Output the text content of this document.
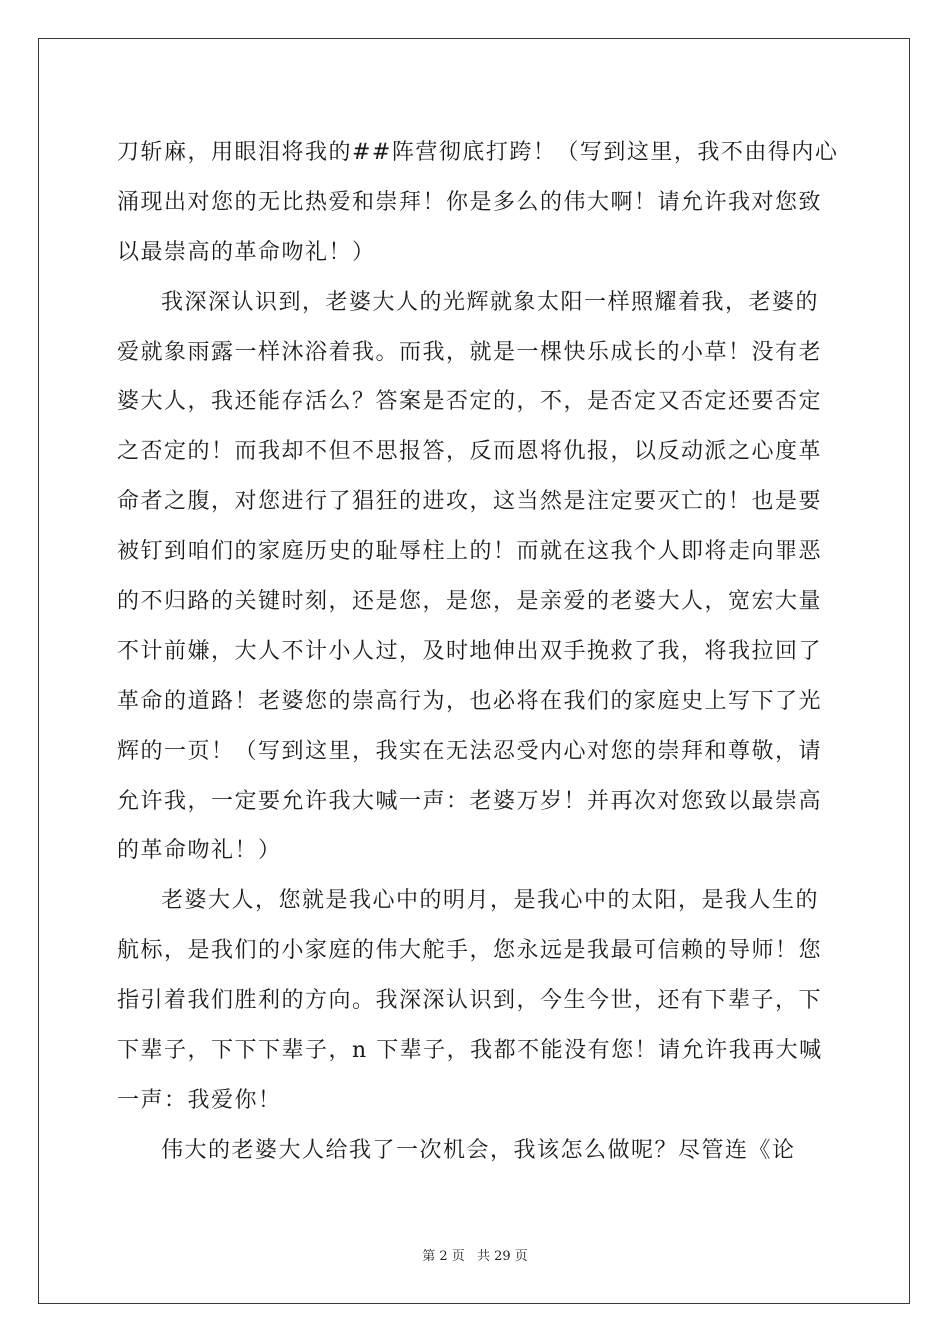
刀斩麻，用眼泪将我的##阵营彻底打跨！（写到这里，我不由得内心
涌现出对您的无比热爱和崇拜！你是多么的伟大啊！请允许我对您致
以最崇高的革命吻礼！）
我深深认识到，老婆大人的光辉就象太阳一样照耀着我，老婆的
爱就象雨露一样沐浴着我。而我，就是一棵快乐成长的小草！没有老
婆大人，我还能存活么？答案是否定的，不，是否定又否定还要否定
之否定的！而我却不但不思报答，反而恩将仇报，以反动派之心度革
命者之腹，对您进行了猖狂的进攻，这当然是注定要灭亡的！也是要
被钉到咱们的家庭历史的耻辱柱上的！而就在这我个人即将走向罪恶
的不归路的关键时刻，还是您，是您，是亲爱的老婆大人，宽宏大量
不计前嫌，大人不计小人过，及时地伸出双手挽救了我，将我拉回了
革命的道路！老婆您的崇高行为，也必将在我们的家庭史上写下了光
辉的一页！（写到这里，我实在无法忍受内心对您的崇拜和尊敬，请
允许我，一定要允许我大喊一声：老婆万岁！并再次对您致以最崇高
的革命吻礼！）
老婆大人，您就是我心中的明月，是我心中的太阳，是我人生的
航标，是我们的小家庭的伟大舵手，您永远是我最可信赖的导师！您
指引着我们胜利的方向。我深深认识到，今生今世，还有下辈子，下
下辈子，下下下辈子，n 下辈子，我都不能没有您！请允许我再大喊
一声：我爱你！
伟大的老婆大人给我了一次机会，我该怎么做呢？尽管连《论
第 2 页 共 29 页
